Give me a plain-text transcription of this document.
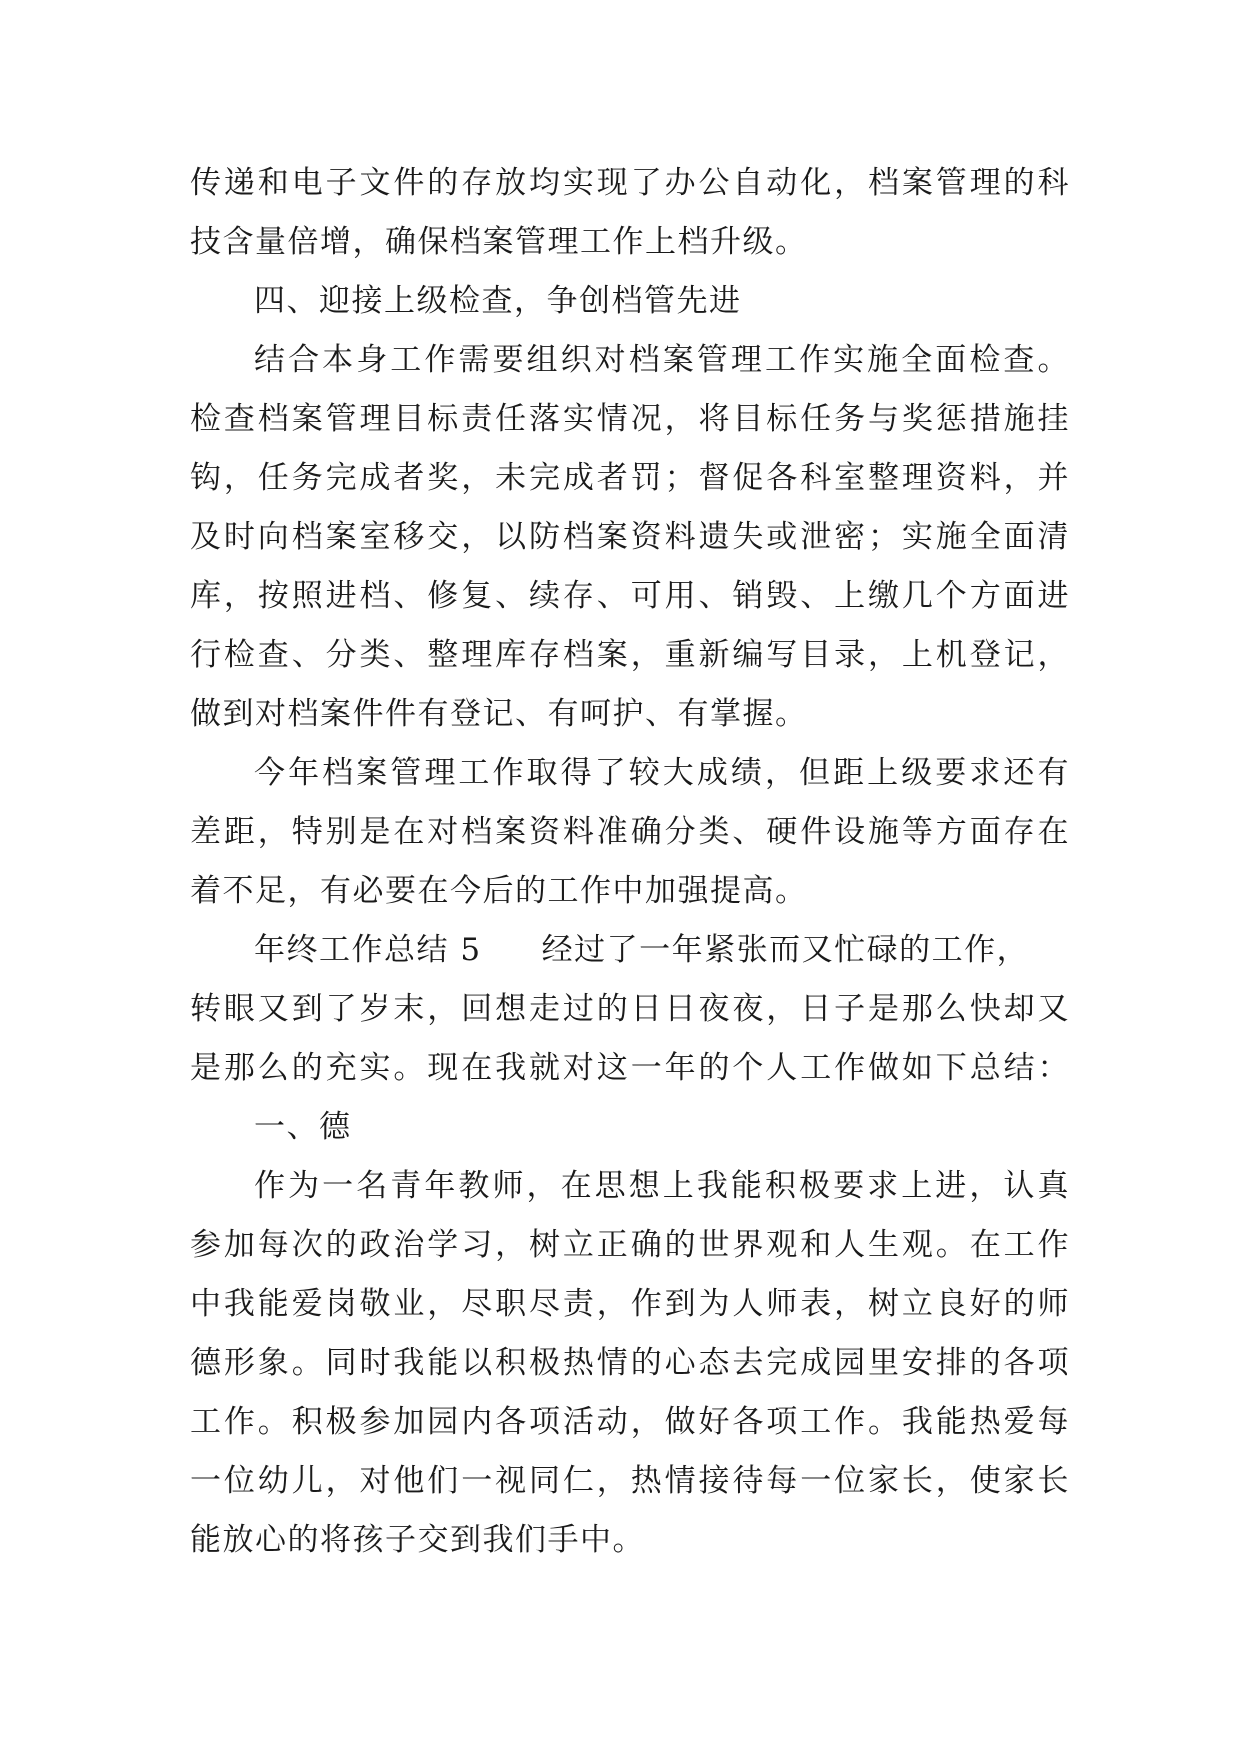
传递和电子文件的存放均实现了办公自动化，档案管理的科
技含量倍增，确保档案管理工作上档升级。
四、迎接上级检查，争创档管先进
结合本身工作需要组织对档案管理工作实施全面检查。
检查档案管理目标责任落实情况，将目标任务与奖惩措施挂
钩，任务完成者奖，未完成者罚；督促各科室整理资料，并
及时向档案室移交，以防档案资料遗失或泄密；实施全面清
库，按照进档、修复、续存、可用、销毁、上缴几个方面进
行检查、分类、整理库存档案，重新编写目录，上机登记，
做到对档案件件有登记、有呵护、有掌握。
今年档案管理工作取得了较大成绩，但距上级要求还有
差距，特别是在对档案资料准确分类、硬件设施等方面存在
着不足，有必要在今后的工作中加强提高。
年终工作总结 5 经过了一年紧张而又忙碌的工作，
转眼又到了岁末，回想走过的日日夜夜，日子是那么快却又
是那么的充实。现在我就对这一年的个人工作做如下总结：
一、德
作为一名青年教师，在思想上我能积极要求上进，认真
参加每次的政治学习，树立正确的世界观和人生观。在工作
中我能爱岗敬业，尽职尽责，作到为人师表，树立良好的师
德形象。同时我能以积极热情的心态去完成园里安排的各项
工作。积极参加园内各项活动，做好各项工作。我能热爱每
一位幼儿，对他们一视同仁，热情接待每一位家长，使家长
能放心的将孩子交到我们手中。
